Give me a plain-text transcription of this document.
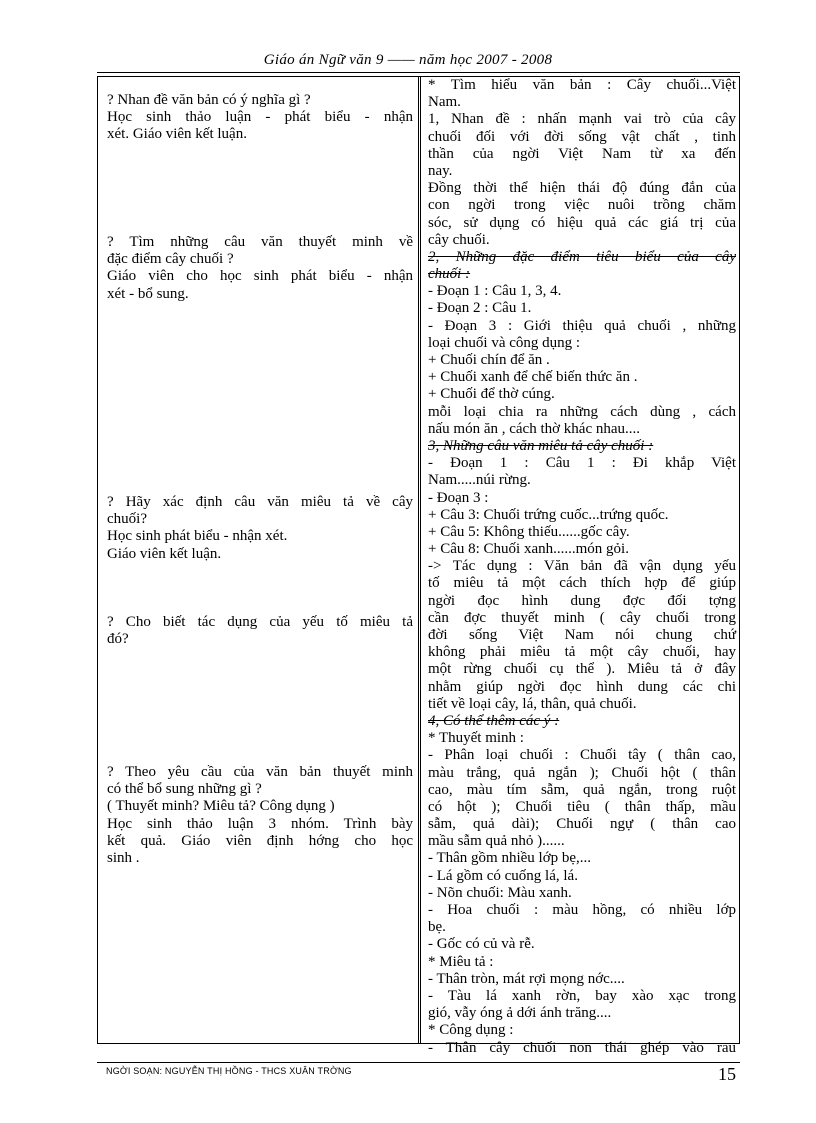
Giáo án Ngữ văn 9 —— năm học 2007 - 2008
? Nhan đề văn bản có ý nghĩa gì ?
Học sinh thảo luận - phát biểu - nhận
xét. Giáo viên kết luận.
? Tìm những câu văn thuyết minh về
đặc điểm cây chuối ?
Giáo viên cho học sinh phát biểu - nhận
xét - bổ sung.
? Hãy xác định câu văn miêu tả về cây
chuối?
Học sinh phát biểu - nhận xét.
Giáo viên kết luận.
? Cho biết tác dụng của yếu tố miêu tả
đó?
? Theo yêu cầu của văn bản thuyết minh
có thể bổ sung những gì ?
( Thuyết minh? Miêu tả? Công dụng )
Học sinh thảo luận 3 nhóm. Trình bày
kết quả. Giáo viên định hớng cho học
sinh .
* Tìm hiểu văn bản : Cây chuối...Việt
Nam.
1, Nhan đề : nhấn mạnh vai trò của cây
chuối đối với đời sống vật chất , tinh
thần của ngời Việt Nam từ xa đến
nay.
Đồng thời thể hiện thái độ đúng đắn của
con ngời trong việc nuôi trồng chăm
sóc, sử dụng có hiệu quả các giá trị của
cây chuối.
2, Những đặc điểm tiêu biểu của cây
chuối :
- Đoạn 1 : Câu 1, 3, 4.
- Đoạn 2 : Câu 1.
- Đoạn 3 : Giới thiệu quả chuối , những
loại chuối và công dụng :
+ Chuối chín để ăn .
+ Chuối xanh để chế biến thức ăn .
+ Chuối để thờ cúng.
mỗi loại chia ra những cách dùng , cách
nấu món ăn , cách thờ khác nhau....
3, Những câu văn miêu tả cây chuối :
- Đoạn 1 : Câu 1 : Đi khắp Việt
Nam.....núi rừng.
- Đoạn 3 :
+ Câu 3: Chuối trứng cuốc...trứng quốc.
+ Câu 5: Không thiếu......gốc cây.
+ Câu 8: Chuối xanh......món gỏi.
-> Tác dụng : Văn bản đã vận dụng yếu
tố miêu tả một cách thích hợp để giúp
ngời đọc hình dung đợc đối tợng
cần đợc thuyết minh ( cây chuối trong
đời sống Việt Nam nói chung chứ
không phải miêu tả một cây chuối, hay
một rừng chuối cụ thể ). Miêu tả ở đây
nhằm giúp ngời đọc hình dung các chi
tiết về loại cây, lá, thân, quả chuối.
4, Có thể thêm các ý :
* Thuyết minh :
- Phân loại chuối : Chuối tây ( thân cao,
màu trắng, quả ngắn ); Chuối hột ( thân
cao, màu tím sẫm, quả ngắn, trong ruột
có hột ); Chuối tiêu ( thân thấp, mầu
sẫm, quả dài); Chuối ngự ( thân cao
mầu sẫm quả nhỏ )......
- Thân gồm nhiều lớp bẹ,...
- Lá gồm có cuống lá, lá.
- Nõn chuối: Màu xanh.
- Hoa chuối : màu hồng, có nhiều lớp
bẹ.
- Gốc có củ và rễ.
* Miêu tả :
- Thân tròn, mát rợi mọng nớc....
- Tàu lá xanh rờn, bay xào xạc trong
gió, vẫy óng ả dới ánh trăng....
* Công dụng :
- Thân cây chuối non thái ghép vào rau
NGỜI SOẠN: NGUYỄN THỊ HỒNG - THCS XUÂN TRỜNG	15
